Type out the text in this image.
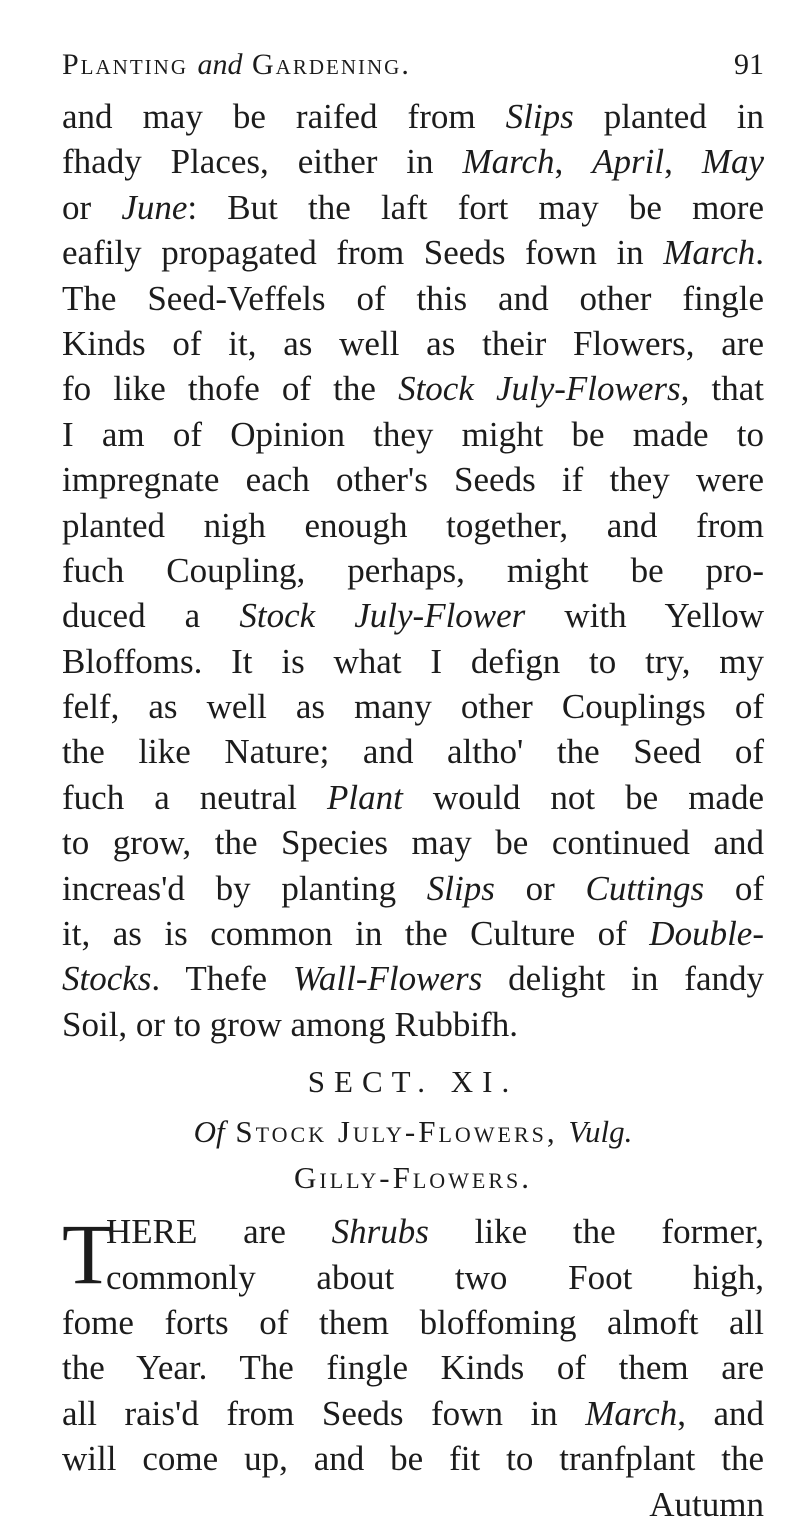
Planting and Gardening.	91
and may be raifed from Slips planted in
fhady Places, either in March, April, May
or June: But the laft fort may be more
eafily propagated from Seeds fown in March.
The Seed-Veffels of this and other fingle
Kinds of it, as well as their Flowers, are
fo like thofe of the Stock July-Flowers, that
I am of Opinion they might be made to
impregnate each other's Seeds if they were
planted nigh enough together, and from
fuch Coupling, perhaps, might be pro-
duced a Stock July-Flower with Yellow
Bloffoms. It is what I defign to try, my
felf, as well as many other Couplings of
the like Nature; and altho' the Seed of
fuch a neutral Plant would not be made
to grow, the Species may be continued and
increas'd by planting Slips or Cuttings of
it, as is common in the Culture of Double-
Stocks. Thefe Wall-Flowers delight in fandy
Soil, or to grow among Rubbifh.
SECT. XI.
Of Stock July-Flowers, Vulg.
Gilly-Flowers.
T
HERE are Shrubs like the former,
commonly about two Foot high,
fome forts of them bloffoming almoft all
the Year. The fingle Kinds of them are
all rais'd from Seeds fown in March, and
will come up, and be fit to tranfplant the
Autumn
